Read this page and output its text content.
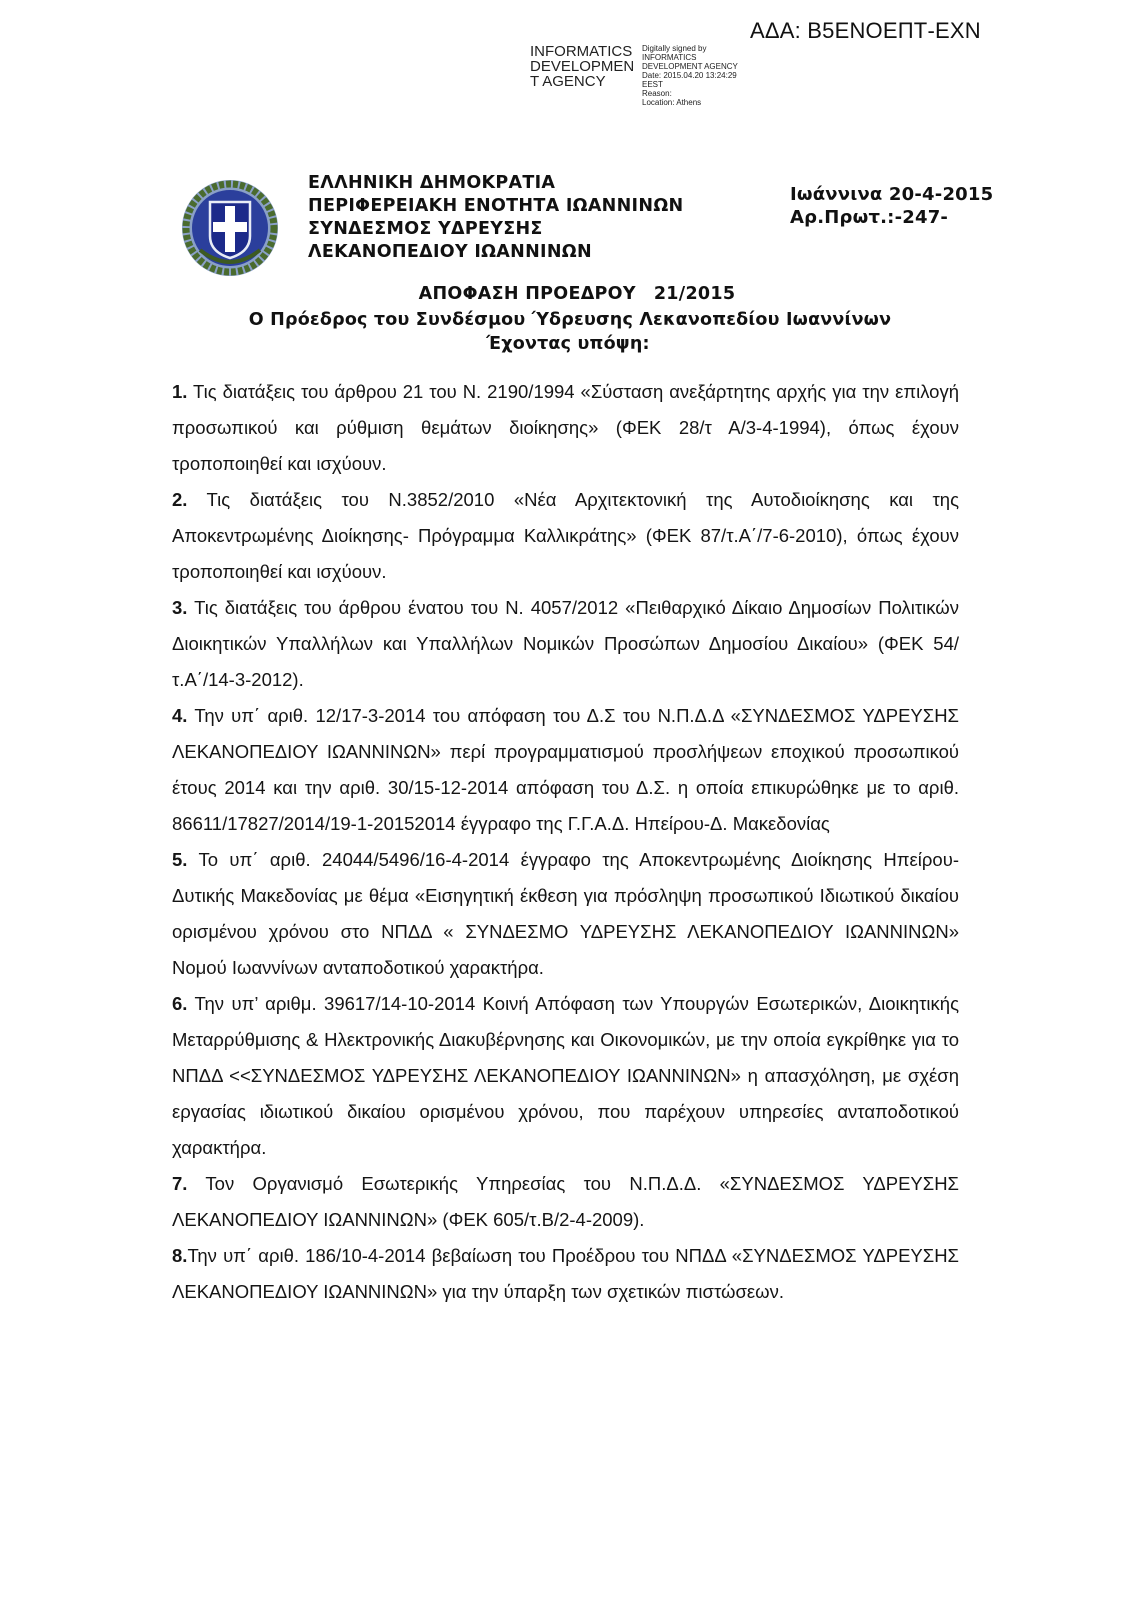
ΑΔΑ: Β5ΕΝΟΕΠΤ-ΕΧΝ
INFORMATICS
DEVELOPMEN
T AGENCY
Digitally signed by
INFORMATICS
DEVELOPMENT AGENCY
Date: 2015.04.20 13:24:29
EEST
Reason:
Location: Athens
ΕΛΛΗΝΙΚΗ ΔΗΜΟΚΡΑΤΙΑ
ΠΕΡΙΦΕΡΕΙΑΚΗ ΕΝΟΤΗΤΑ ΙΩΑΝΝΙΝΩΝ
ΣΥΝΔΕΣΜΟΣ ΥΔΡΕΥΣΗΣ
ΛΕΚΑΝΟΠΕΔΙΟΥ ΙΩΑΝΝΙΝΩΝ
Ιωάννινα 20-4-2015
Αρ.Πρωτ.:-247-
ΑΠΟΦΑΣΗ ΠΡΟΕΔΡΟΥ 21/2015
Ο Πρόεδρος του Συνδέσμου Ύδρευσης Λεκανοπεδίου Ιωαννίνων
Έχοντας υπόψη:

1. Τις διατάξεις του άρθρου 21 του Ν. 2190/1994 «Σύσταση ανεξάρτητης αρχής για την επιλογή προσωπικού και ρύθμιση θεμάτων διοίκησης» (ΦΕΚ 28/τ Α/3-4-1994), όπως έχουν τροποποιηθεί και ισχύουν.

2. Τις διατάξεις του Ν.3852/2010 «Νέα Αρχιτεκτονική της Αυτοδιοίκησης και της Αποκεντρωμένης Διοίκησης- Πρόγραμμα Καλλικράτης» (ΦΕΚ 87/τ.Α΄/7-6-2010), όπως έχουν τροποποιηθεί και ισχύουν.

3. Τις διατάξεις του άρθρου ένατου του Ν. 4057/2012 «Πειθαρχικό Δίκαιο Δημοσίων Πολιτικών Διοικητικών Υπαλλήλων και Υπαλλήλων Νομικών Προσώπων Δημοσίου Δικαίου» (ΦΕΚ 54/τ.Α΄/14-3-2012).

4. Την υπ΄ αριθ. 12/17-3-2014 του απόφαση του Δ.Σ του Ν.Π.Δ.Δ «ΣΥΝΔΕΣΜΟΣ ΥΔΡΕΥΣΗΣ ΛΕΚΑΝΟΠΕΔΙΟΥ ΙΩΑΝΝΙΝΩΝ» περί προγραμματισμού προσλήψεων εποχικού προσωπικού έτους 2014 και την αριθ. 30/15-12-2014 απόφαση του Δ.Σ. η οποία επικυρώθηκε με το αριθ. 86611/17827/2014/19-1-20152014 έγγραφο της Γ.Γ.Α.Δ. Ηπείρου-Δ. Μακεδονίας

5. Το υπ΄ αριθ. 24044/5496/16-4-2014 έγγραφο της Αποκεντρωμένης Διοίκησης Ηπείρου-Δυτικής Μακεδονίας με θέμα «Εισηγητική έκθεση για πρόσληψη προσωπικού Ιδιωτικού δικαίου ορισμένου χρόνου στο ΝΠΔΔ « ΣΥΝΔΕΣΜΟ ΥΔΡΕΥΣΗΣ ΛΕΚΑΝΟΠΕΔΙΟΥ ΙΩΑΝΝΙΝΩΝ» Νομού Ιωαννίνων ανταποδοτικού χαρακτήρα.

6. Την υπ’ αριθμ. 39617/14-10-2014 Κοινή Απόφαση των Υπουργών Εσωτερικών, Διοικητικής Μεταρρύθμισης & Ηλεκτρονικής Διακυβέρνησης και Οικονομικών, με την οποία εγκρίθηκε για το ΝΠΔΔ <<ΣΥΝΔΕΣΜΟΣ ΥΔΡΕΥΣΗΣ ΛΕΚΑΝΟΠΕΔΙΟΥ ΙΩΑΝΝΙΝΩΝ» η απασχόληση, με σχέση εργασίας ιδιωτικού δικαίου ορισμένου χρόνου, που παρέχουν υπηρεσίες ανταποδοτικού χαρακτήρα.

7. Τον Οργανισμό Εσωτερικής Υπηρεσίας του Ν.Π.Δ.Δ. «ΣΥΝΔΕΣΜΟΣ ΥΔΡΕΥΣΗΣ ΛΕΚΑΝΟΠΕΔΙΟΥ ΙΩΑΝΝΙΝΩΝ» (ΦΕΚ 605/τ.Β/2-4-2009).

8.Την υπ΄ αριθ. 186/10-4-2014 βεβαίωση του Προέδρου του ΝΠΔΔ «ΣΥΝΔΕΣΜΟΣ ΥΔΡΕΥΣΗΣ ΛΕΚΑΝΟΠΕΔΙΟΥ ΙΩΑΝΝΙΝΩΝ» για την ύπαρξη των σχετικών πιστώσεων.
